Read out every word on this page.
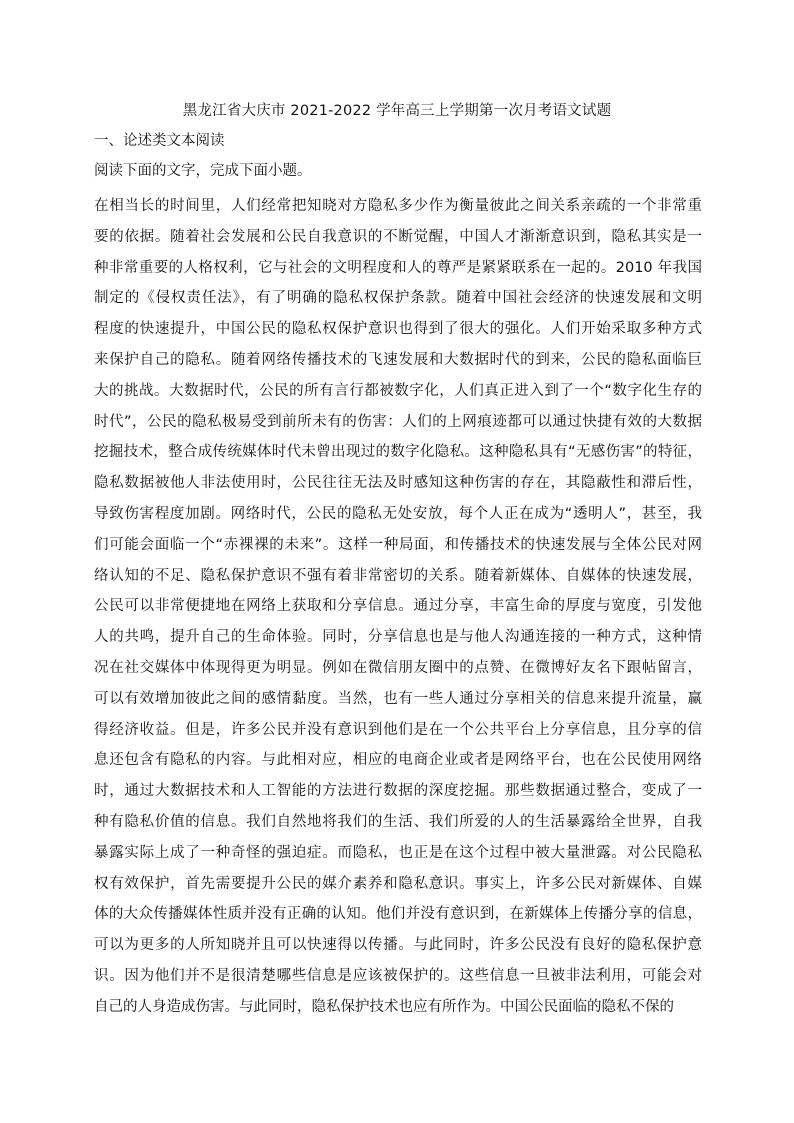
黑龙江省大庆市 2021-2022 学年高三上学期第一次月考语文试题
一、论述类文本阅读
阅读下面的文字，完成下面小题。
在相当长的时间里，人们经常把知晓对方隐私多少作为衡量彼此之间关系亲疏的一个非常重
要的依据。随着社会发展和公民自我意识的不断觉醒，中国人才渐渐意识到，隐私其实是一
种非常重要的人格权利，它与社会的文明程度和人的尊严是紧紧联系在一起的。2010 年我国
制定的《侵权责任法》，有了明确的隐私权保护条款。随着中国社会经济的快速发展和文明
程度的快速提升，中国公民的隐私权保护意识也得到了很大的强化。人们开始采取多种方式
来保护自己的隐私。随着网络传播技术的飞速发展和大数据时代的到来，公民的隐私面临巨
大的挑战。大数据时代，公民的所有言行都被数字化，人们真正进入到了一个“数字化生存的
时代”，公民的隐私极易受到前所未有的伤害：人们的上网痕迹都可以通过快捷有效的大数据
挖掘技术，整合成传统媒体时代未曾出现过的数字化隐私。这种隐私具有“无感伤害”的特征，
隐私数据被他人非法使用时，公民往往无法及时感知这种伤害的存在，其隐蔽性和滞后性，
导致伤害程度加剧。网络时代，公民的隐私无处安放，每个人正在成为“透明人”，甚至，我
们可能会面临一个“赤裸裸的未来”。这样一种局面，和传播技术的快速发展与全体公民对网
络认知的不足、隐私保护意识不强有着非常密切的关系。随着新媒体、自媒体的快速发展，
公民可以非常便捷地在网络上获取和分享信息。通过分享，丰富生命的厚度与宽度，引发他
人的共鸣，提升自己的生命体验。同时，分享信息也是与他人沟通连接的一种方式，这种情
况在社交媒体中体现得更为明显。例如在微信朋友圈中的点赞、在微博好友名下跟帖留言，
可以有效增加彼此之间的感情黏度。当然，也有一些人通过分享相关的信息来提升流量，赢
得经济收益。但是，许多公民并没有意识到他们是在一个公共平台上分享信息，且分享的信
息还包含有隐私的内容。与此相对应，相应的电商企业或者是网络平台，也在公民使用网络
时，通过大数据技术和人工智能的方法进行数据的深度挖掘。那些数据通过整合，变成了一
种有隐私价值的信息。我们自然地将我们的生活、我们所爱的人的生活暴露给全世界，自我
暴露实际上成了一种奇怪的强迫症。而隐私，也正是在这个过程中被大量泄露。对公民隐私
权有效保护，首先需要提升公民的媒介素养和隐私意识。事实上，许多公民对新媒体、自媒
体的大众传播媒体性质并没有正确的认知。他们并没有意识到，在新媒体上传播分享的信息，
可以为更多的人所知晓并且可以快速得以传播。与此同时，许多公民没有良好的隐私保护意
识。因为他们并不是很清楚哪些信息是应该被保护的。这些信息一旦被非法利用，可能会对
自己的人身造成伤害。与此同时，隐私保护技术也应有所作为。中国公民面临的隐私不保的
